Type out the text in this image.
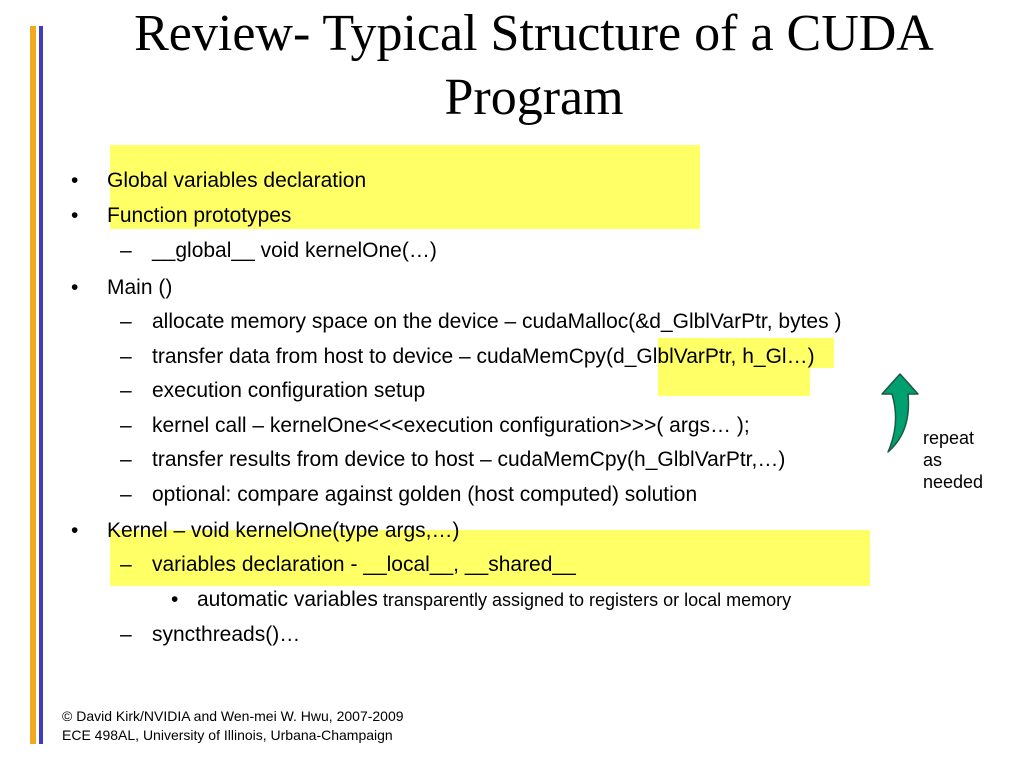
Review- Typical Structure of a CUDA Program
• Global variables declaration
• Function prototypes
– __global__ void kernelOne(…)
• Main ()
– allocate memory space on the device – cudaMalloc(&d_GlblVarPtr, bytes )
– transfer data from host to device – cudaMemCpy(d_GlblVarPtr, h_Gl…)
– execution configuration setup
– kernel call – kernelOne<<<execution configuration>>>( args… );
– transfer results from device to host – cudaMemCpy(h_GlblVarPtr,…)
– optional: compare against golden (host computed) solution
• Kernel – void kernelOne(type args,…)
– variables declaration - __local__, __shared__
• automatic variables transparently assigned to registers or local memory
– syncthreads()…
repeat
as
needed
© David Kirk/NVIDIA and Wen-mei W. Hwu, 2007-2009
ECE 498AL, University of Illinois, Urbana-Champaign
